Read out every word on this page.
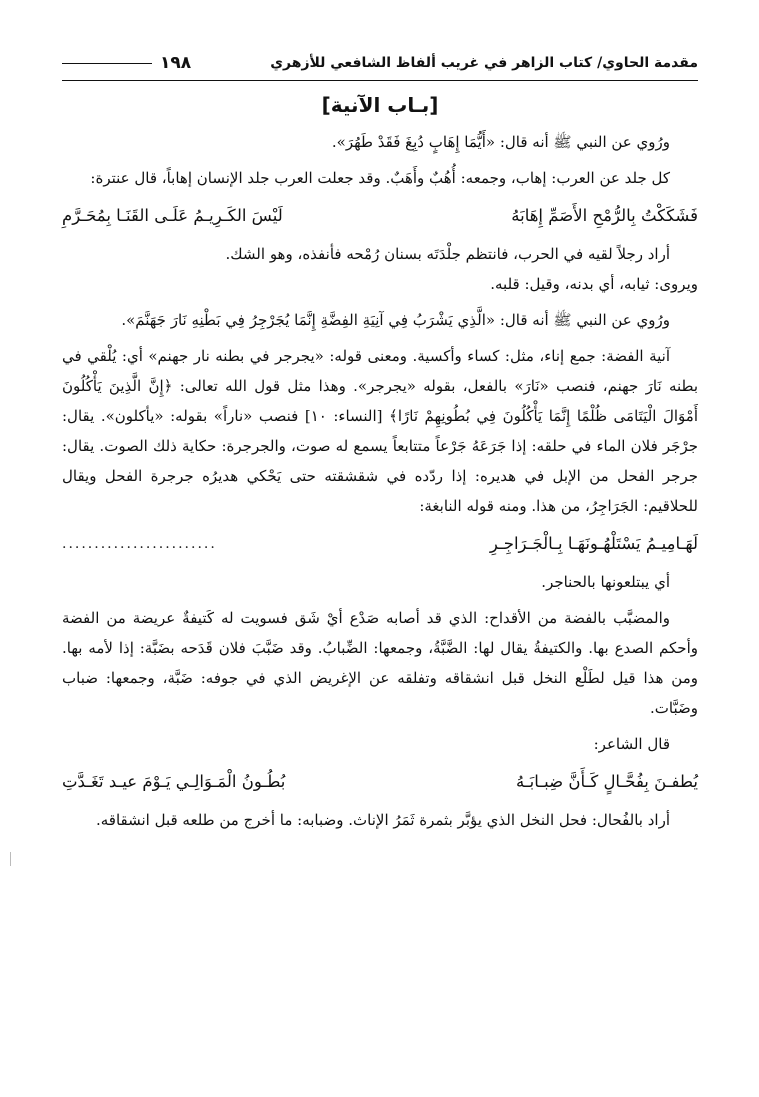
مقدمة الحاوي/ كتاب الزاهر في غريب ألفاظ الشافعي للأزهري
١٩٨
[بـاب الآنية]

ورُوي عن النبي ﷺ أنه قال: «أَيُّمَا إِهَابٍ دُبِغَ فَقَدْ طَهُرَ».

كل جلد عن العرب: إهاب، وجمعه: أُهُبٌ وأَهَبٌ. وقد جعلت العرب جلد الإنسان إهاباً، قال عنترة:

فَشَكَكْتُ بِالرُّمْحِ الأَصَمِّ إِهَابَهُ
لَيْسَ الكَـرِيـمُ عَلَـى القَنَـا بِمُحَـرَّمِ

أراد رجلاً لقيه في الحرب، فانتظم جلْدَتَه بسنان رُمْحه فأنفذه، وهو الشك.

ويروى: ثيابه، أي بدنه، وقيل: قلبه.

ورُوي عن النبي ﷺ أنه قال: «الَّذِي يَشْرَبُ فِي آنِيَةِ الفِضَّةِ إِنَّمَا يُجَرْجِرُ فِي بَطْنِهِ نَارَ جَهَنَّمَ».

آنية الفضة: جمع إناء، مثل: كساء وأكسية. ومعنى قوله: «يجرجر في بطنه نار جهنم» أي: يُلْقي في بطنه نَارَ جهنم، فنصب «نَارَ» بالفعل، بقوله «يجرجر». وهذا مثل قول الله تعالى: ﴿إِنَّ الَّذِينَ يَأْكُلُونَ أَمْوَالَ الْيَتَامَى ظُلْمًا إِنَّمَا يَأْكُلُونَ فِي بُطُونِهِمْ نَارًا﴾ [النساء: ١٠] فنصب «ناراً» بقوله: «يأكلون». يقال: جرْجَر فلان الماء في حلقه: إذا جَرَعَهُ جَرْعاً متتابعاً يسمع له صوت، والجرجرة: حكاية ذلك الصوت. يقال: جرجر الفحل من الإبل في هديره: إذا ردّده في شقشقته حتى يَحْكي هديرُه جرجرة الفحل ويقال للحلاقيم: الجَرَاجِرُ، من هذا. ومنه قوله النابغة:

لَهَـامِيـمُ يَسْتَلْهُـونَهَـا بِـالْجَـرَاجِـرِ
........................

أي يبتلعونها بالحناجر.

والمضبَّب بالفضة من الأقداح: الذي قد أصابه صَدْع أيْ شَق فسويت له كَتيفةٌ عريضة من الفضة وأحكم الصدع بها. والكتيفةُ يقال لها: الضَّبَّةُ، وجمعها: الضِّبابُ. وقد ضَبَّبَ فلان قَدَحه بضَبَّة: إذا لأمه بها. ومن هذا قيل لطَلْع النخل قبل انشقاقه وتفلقه عن الإغريض الذي في جوفه: ضَبَّة، وجمعها: ضباب وضَبَّات.

قال الشاعر:

يُطفـنَ بِفُحَّـالٍ كَـأَنَّ ضِبـابَـهُ
بُطُـونُ الْمَـوَالِـي يَـوْمَ عيـد تَغَـدَّتِ

أراد بالفُحال: فحل النخل الذي يؤبَّر بثمرة ثَمَرُ الإناث. وضبابه: ما أخرج من طلعه قبل انشقاقه.
